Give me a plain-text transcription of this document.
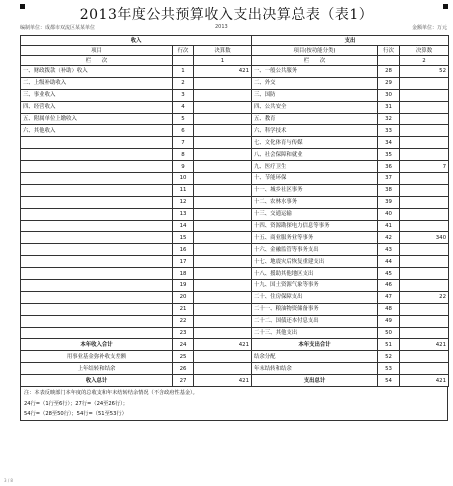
2013年度公共预算收入支出决算总表（表1）
编制单位：成都市双流区某某单位	2013	金额单位：万元
收入			支出		
项目	行次	决算数	项目(按功能分类)	行次	决算数
栏　　次		1	栏　　次		2
一、财政拨款（补助）收入	1	421	一、一般公共服务	28	52
二、上级补助收入	2		二、外交	29	
三、事业收入	3		三、国防	30	
四、经营收入	4		四、公共安全	31	
五、附属单位上缴收入	5		五、教育	32	
六、其他收入	6		六、科学技术	33	
	7		七、文化体育与传媒	34	
	8		八、社会保障和就业	35	
	9		九、医疗卫生	36	7
	10		十、节能环保	37	
	11		十一、城乡社区事务	38	
	12		十二、农林水事务	39	
	13		十三、交通运输	40	
	14		十四、资源勘探电力信息等事务	41	
	15		十五、商业服务业等事务	42	340
	16		十六、金融监管等事务支出	43	
	17		十七、地震灾后恢复重建支出	44	
	18		十八、援助其他地区支出	45	
	19		十九、国土资源气象等事务	46	
	20		二十、住房保障支出	47	22
	21		二十一、粮油物资储备事务	48	
	22		二十二、国债还本付息支出	49	
	23		二十三、其他支出	50	
本年收入合计	24	421	本年支出合计	51	421
用事业基金弥补收支差额	25		结余分配	52	
上年结转和结余	26		年末结转和结余	53	
收入总计	27	421	支出总计	54	421
注：本表反映部门本年度的总收支和年末结转结余情况（不含政府性基金）。
24行=（1行至6行）；27行=（24至26行）；
54行=（28至50行）；54行=（51至53行）
3 / 8
